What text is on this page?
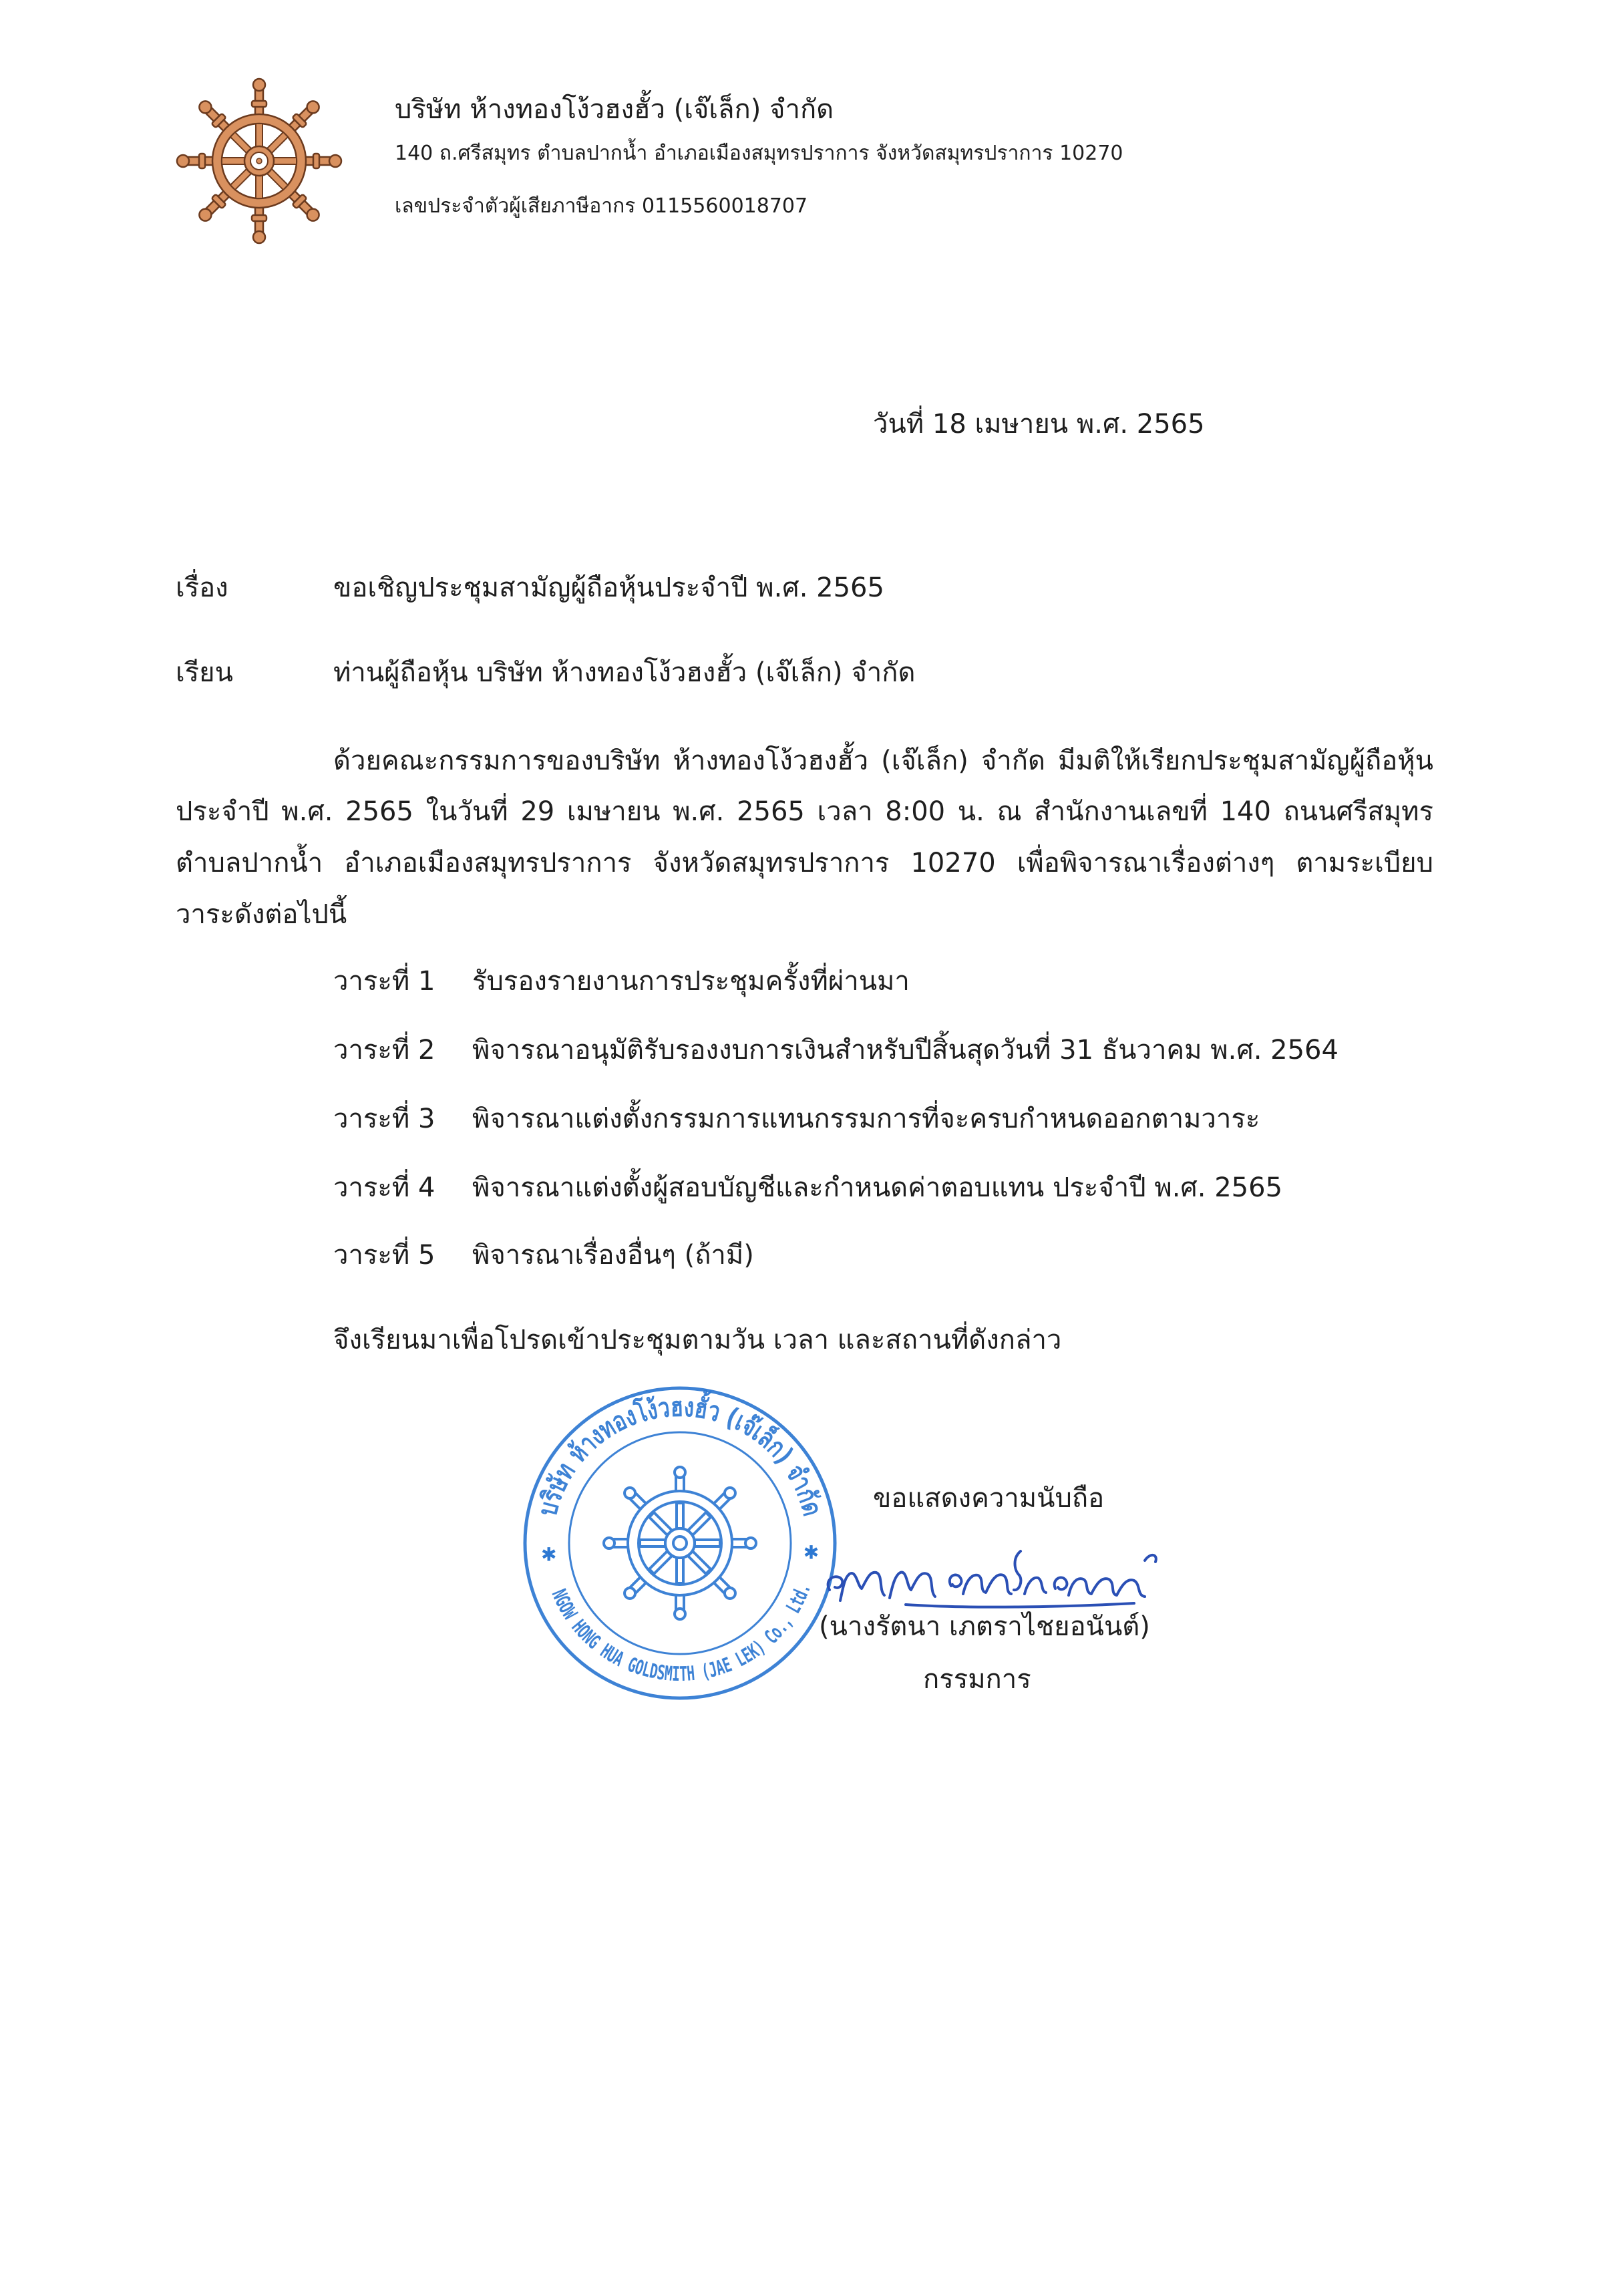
บริษัท ห้างทองโง้วฮงฮั้ว (เจ๊เล็ก) จำกัด
140 ถ.ศรีสมุทร ตำบลปากน้ำ อำเภอเมืองสมุทรปราการ จังหวัดสมุทรปราการ 10270
เลขประจำตัวผู้เสียภาษีอากร 0115560018707
วันที่ 18 เมษายน พ.ศ. 2565
เรื่อง	ขอเชิญประชุมสามัญผู้ถือหุ้นประจำปี พ.ศ. 2565
เรียน	ท่านผู้ถือหุ้น บริษัท ห้างทองโง้วฮงฮั้ว (เจ๊เล็ก) จำกัด
ด้วยคณะกรรมการของบริษัท ห้างทองโง้วฮงฮั้ว (เจ๊เล็ก) จำกัด มีมติให้เรียกประชุมสามัญผู้ถือหุ้น
ประจำปี พ.ศ. 2565 ในวันที่ 29 เมษายน พ.ศ. 2565 เวลา 8:00 น. ณ สำนักงานเลขที่ 140 ถนนศรีสมุทร
ตำบลปากน้ำ อำเภอเมืองสมุทรปราการ จังหวัดสมุทรปราการ 10270 เพื่อพิจารณาเรื่องต่างๆ ตามระเบียบ
วาระดังต่อไปนี้
วาระที่ 1 รับรองรายงานการประชุมครั้งที่ผ่านมา
วาระที่ 2 พิจารณาอนุมัติรับรองงบการเงินสำหรับปีสิ้นสุดวันที่ 31 ธันวาคม พ.ศ. 2564
วาระที่ 3 พิจารณาแต่งตั้งกรรมการแทนกรรมการที่จะครบกำหนดออกตามวาระ
วาระที่ 4 พิจารณาแต่งตั้งผู้สอบบัญชีและกำหนดค่าตอบแทน ประจำปี พ.ศ. 2565
วาระที่ 5 พิจารณาเรื่องอื่นๆ (ถ้ามี)
จึงเรียนมาเพื่อโปรดเข้าประชุมตามวัน เวลา และสถานที่ดังกล่าว
บริษัท ห้างทองโง้วฮงฮั้ว (เจ๊เล็ก) จำกัด
NGOW HONG HUA GOLDSMITH (JAE LEK) Co., Ltd.
✱	✱
ขอแสดงความนับถือ
(นางรัตนา เภตราไชยอนันต์)
กรรมการ
